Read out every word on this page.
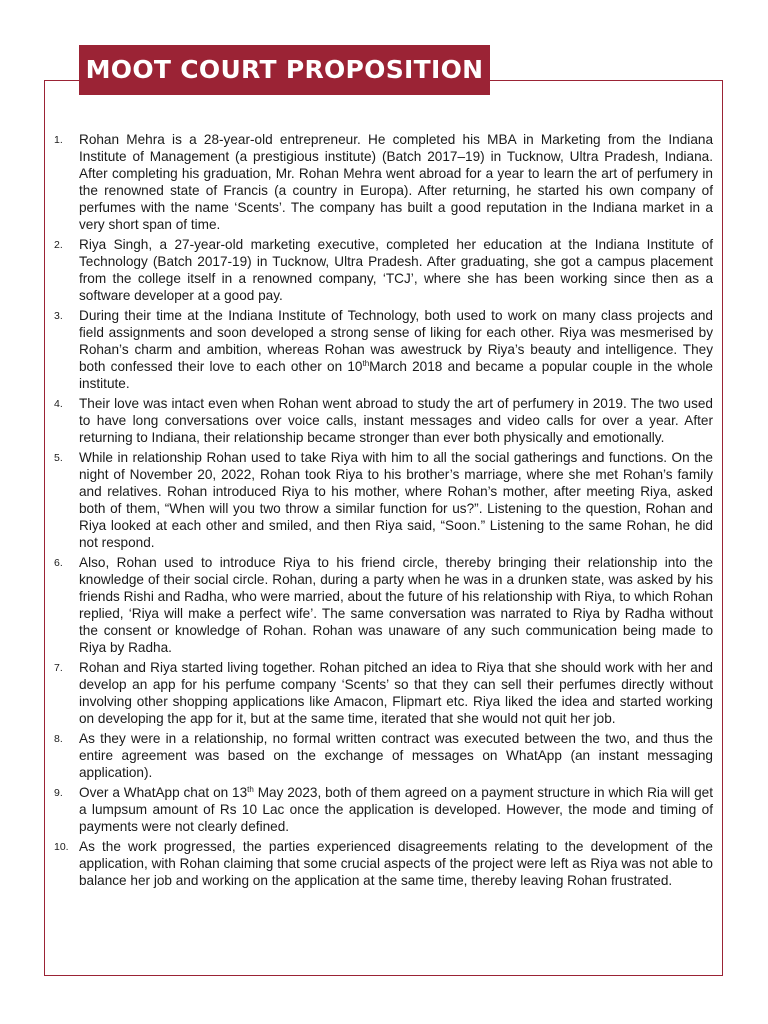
MOOT COURT PROPOSITION
1.	Rohan Mehra is a 28-year-old entrepreneur. He completed his MBA in Marketing from the Indiana Institute of Management (a prestigious institute) (Batch 2017–19) in Tucknow, Ultra Pradesh, Indiana. After completing his graduation, Mr. Rohan Mehra went abroad for a year to learn the art of perfumery in the renowned state of Francis (a country in Europa). After returning, he started his own company of perfumes with the name ‘Scents’. The company has built a good reputation in the Indiana market in a very short span of time.
2.	Riya Singh, a 27-year-old marketing executive, completed her education at the Indiana Institute of Technology (Batch 2017-19) in Tucknow, Ultra Pradesh. After graduating, she got a campus placement from the college itself in a renowned company, ‘TCJ’, where she has been working since then as a software developer at a good pay.
3.	During their time at the Indiana Institute of Technology, both used to work on many class projects and field assignments and soon developed a strong sense of liking for each other. Riya was mesmerised by Rohan’s charm and ambition, whereas Rohan was awestruck by Riya’s beauty and intelligence. They both confessed their love to each other on 10thMarch 2018 and became a popular couple in the whole institute.
4.	Their love was intact even when Rohan went abroad to study the art of perfumery in 2019. The two used to have long conversations over voice calls, instant messages and video calls for over a year. After returning to Indiana, their relationship became stronger than ever both physically and emotionally.
5.	While in relationship Rohan used to take Riya with him to all the social gatherings and functions. On the night of November 20, 2022, Rohan took Riya to his brother’s marriage, where she met Rohan’s family and relatives. Rohan introduced Riya to his mother, where Rohan’s mother, after meeting Riya, asked both of them, “When will you two throw a similar function for us?”. Listening to the question, Rohan and Riya looked at each other and smiled, and then Riya said, “Soon.” Listening to the same Rohan, he did not respond.
6.	Also, Rohan used to introduce Riya to his friend circle, thereby bringing their relationship into the knowledge of their social circle. Rohan, during a party when he was in a drunken state, was asked by his friends Rishi and Radha, who were married, about the future of his relationship with Riya, to which Rohan replied, ‘Riya will make a perfect wife’. The same conversation was narrated to Riya by Radha without the consent or knowledge of Rohan. Rohan was unaware of any such communication being made to Riya by Radha.
7.	Rohan and Riya started living together. Rohan pitched an idea to Riya that she should work with her and develop an app for his perfume company ‘Scents’ so that they can sell their perfumes directly without involving other shopping applications like Amacon, Flipmart etc. Riya liked the idea and started working on developing the app for it, but at the same time, iterated that she would not quit her job.
8.	As they were in a relationship, no formal written contract was executed between the two, and thus the entire agreement was based on the exchange of messages on WhatApp (an instant messaging application).
9.	Over a WhatApp chat on 13th May 2023, both of them agreed on a payment structure in which Ria will get a lumpsum amount of Rs 10 Lac once the application is developed. However, the mode and timing of payments were not clearly defined.
10. As the work progressed, the parties experienced disagreements relating to the development of the application, with Rohan claiming that some crucial aspects of the project were left as Riya was not able to balance her job and working on the application at the same time, thereby leaving Rohan frustrated.
